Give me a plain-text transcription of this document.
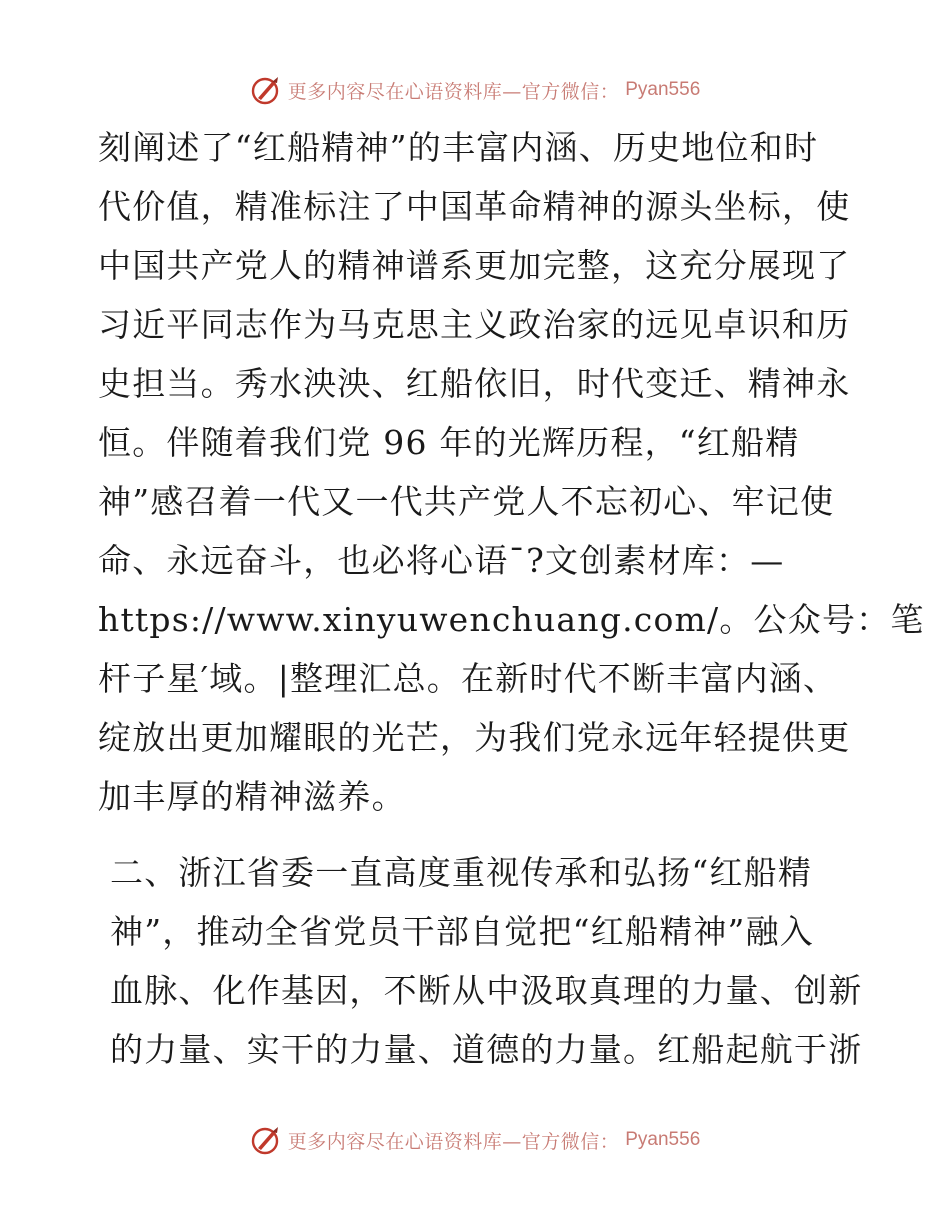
更多内容尽在心语资料库—官方微信： Pyan556

刻阐述了“红船精神”的丰富内涵、历史地位和时
代价值，精准标注了中国革命精神的源头坐标，使
中国共产党人的精神谱系更加完整，这充分展现了
习近平同志作为马克思主义政治家的远见卓识和历
史担当。秀水泱泱、红船依旧，时代变迁、精神永
恒。伴随着我们党 96 年的光辉历程，“红船精
神”感召着一代又一代共产党人不忘初心、牢记使
命、永远奋斗，也必将心语¯?文创素材库：—
https://www.xinyuwenchuang.com/。公众号：笔
杆子星′域。|整理汇总。在新时代不断丰富内涵、
绽放出更加耀眼的光芒，为我们党永远年轻提供更
加丰厚的精神滋养。

二、浙江省委一直高度重视传承和弘扬“红船精
神”，推动全省党员干部自觉把“红船精神”融入
血脉、化作基因，不断从中汲取真理的力量、创新
的力量、实干的力量、道德的力量。红船起航于浙

更多内容尽在心语资料库—官方微信： Pyan556
